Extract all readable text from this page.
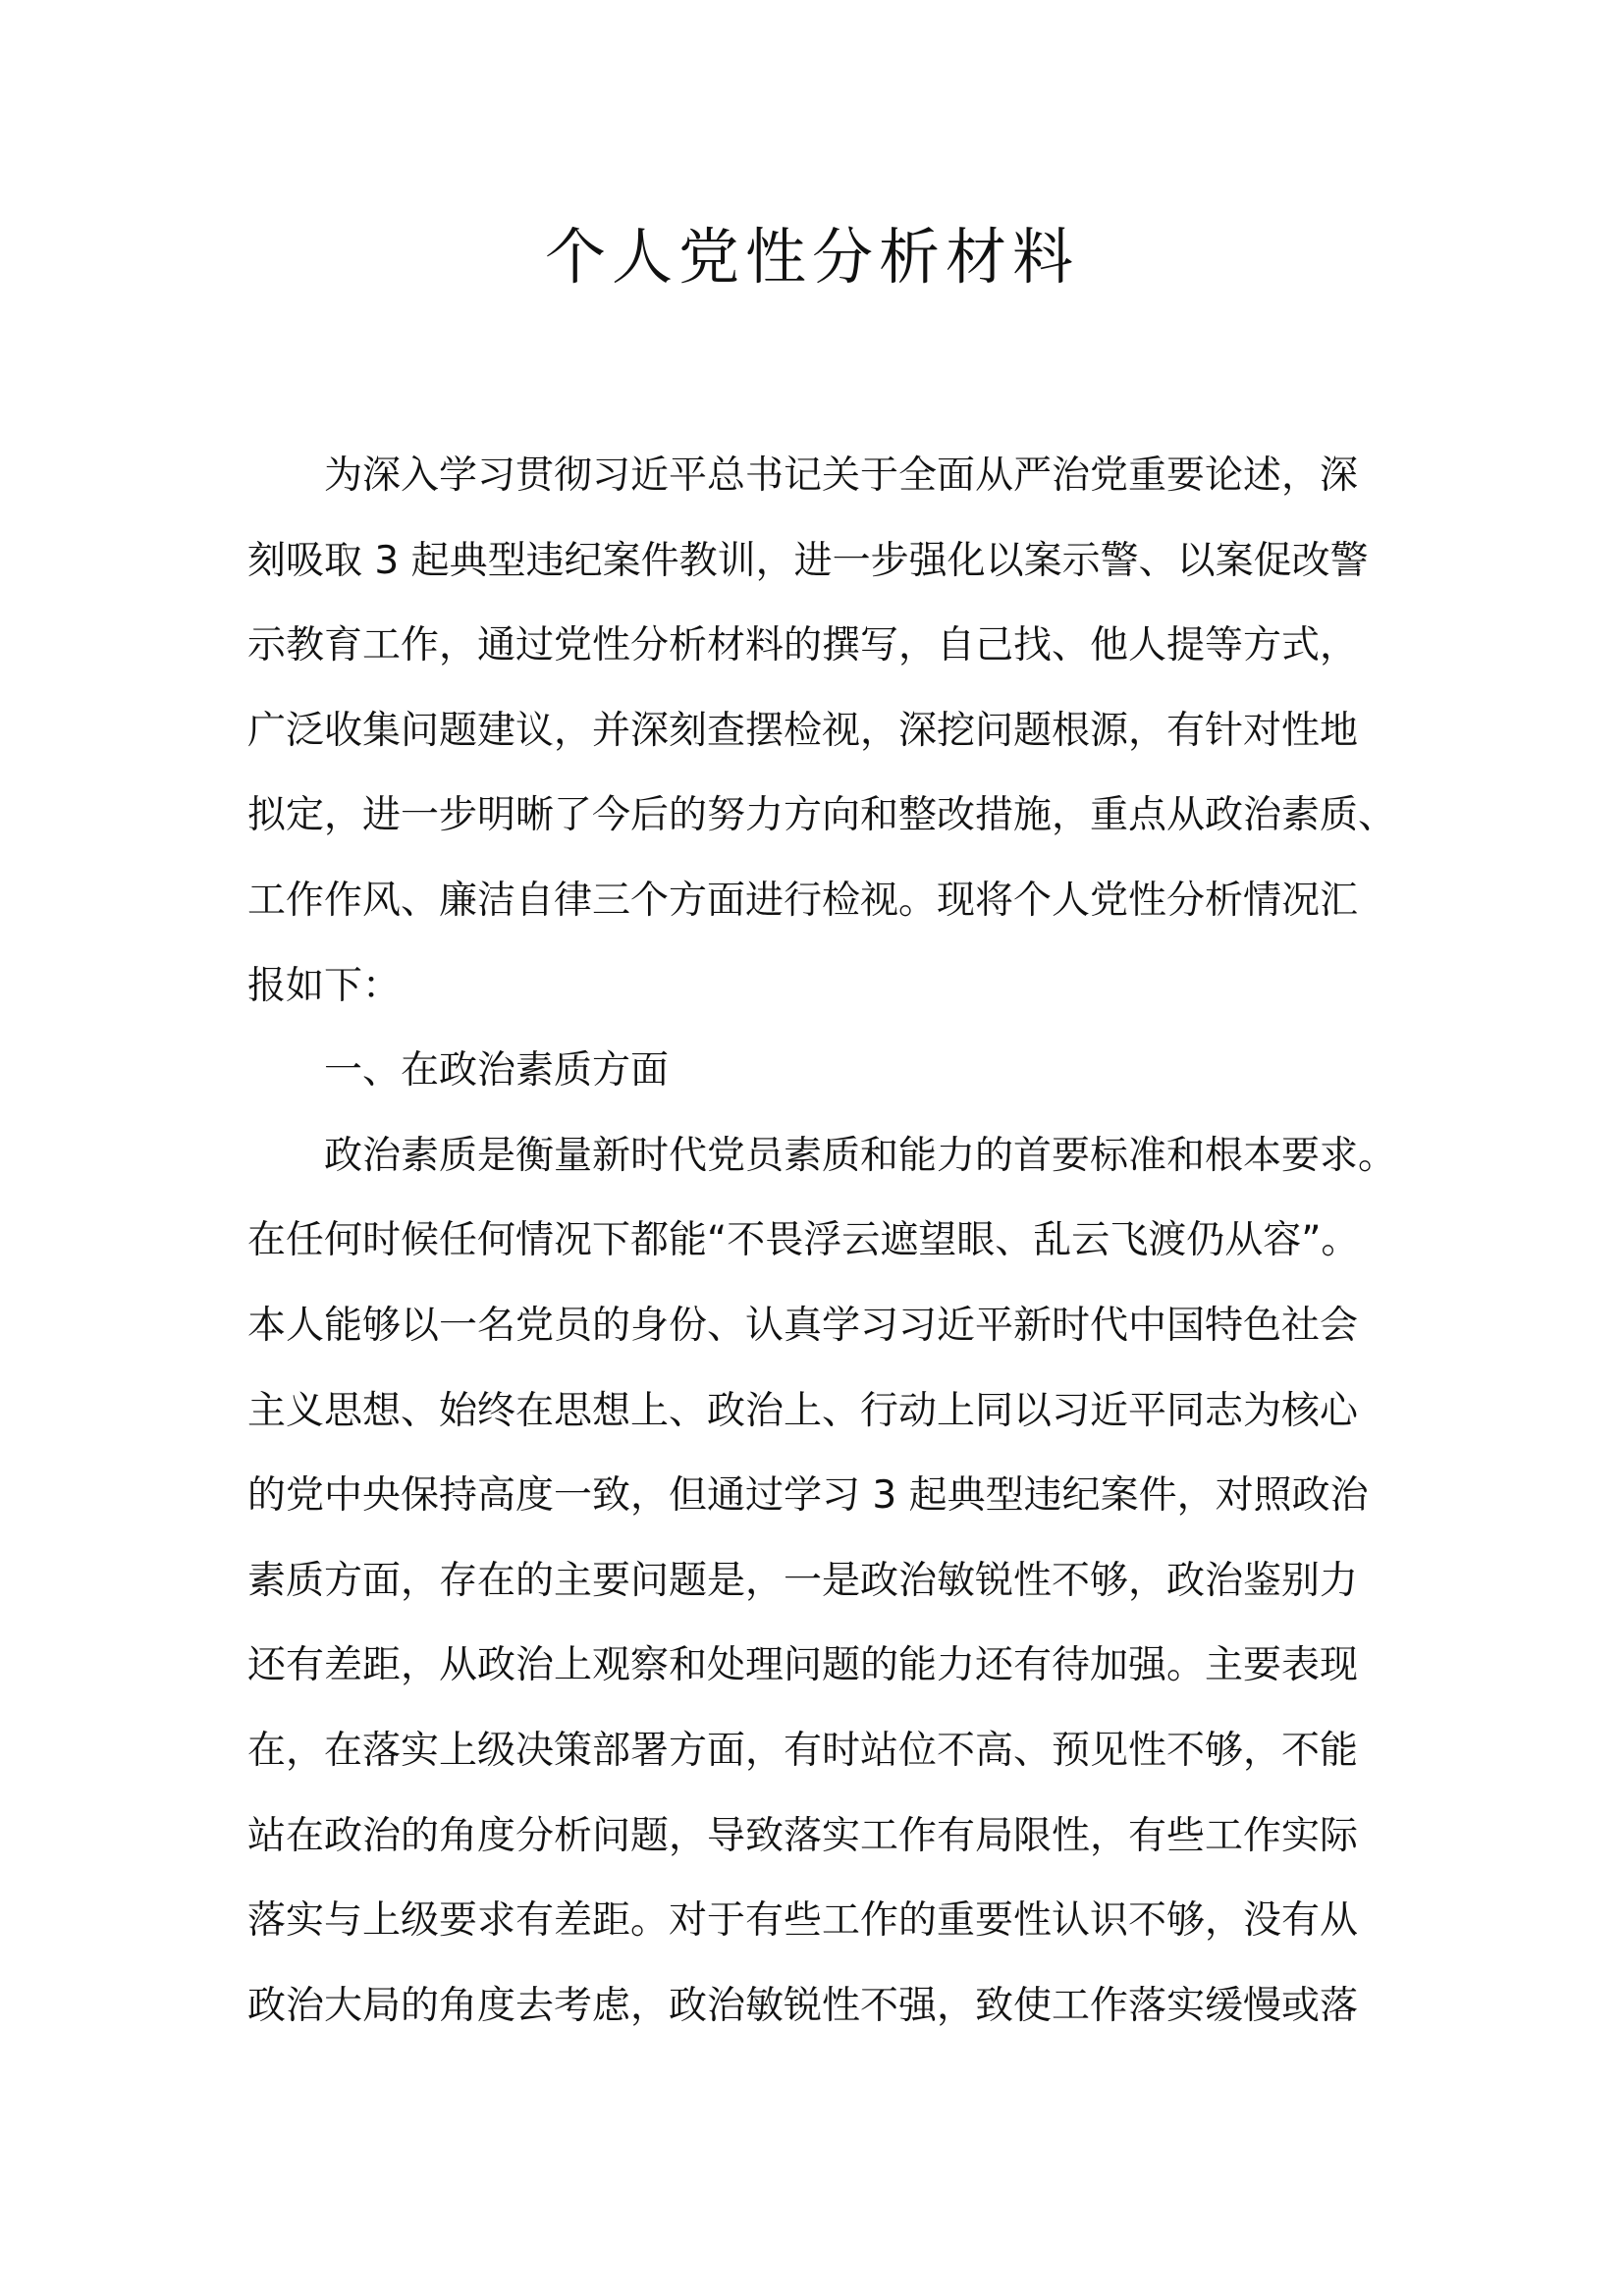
个人党性分析材料
为深入学习贯彻习近平总书记关于全面从严治党重要论述，深
刻吸取 3 起典型违纪案件教训，进一步强化以案示警、以案促改警
示教育工作，通过党性分析材料的撰写，自己找、他人提等方式，
广泛收集问题建议，并深刻查摆检视，深挖问题根源，有针对性地
拟定，进一步明晰了今后的努力方向和整改措施，重点从政治素质、
工作作风、廉洁自律三个方面进行检视。现将个人党性分析情况汇
报如下：
一、在政治素质方面
政治素质是衡量新时代党员素质和能力的首要标准和根本要求。
在任何时候任何情况下都能“不畏浮云遮望眼、乱云飞渡仍从容”。
本人能够以一名党员的身份、认真学习习近平新时代中国特色社会
主义思想、始终在思想上、政治上、行动上同以习近平同志为核心
的党中央保持高度一致，但通过学习 3 起典型违纪案件，对照政治
素质方面，存在的主要问题是，一是政治敏锐性不够，政治鉴别力
还有差距，从政治上观察和处理问题的能力还有待加强。主要表现
在，在落实上级决策部署方面，有时站位不高、预见性不够，不能
站在政治的角度分析问题，导致落实工作有局限性，有些工作实际
落实与上级要求有差距。对于有些工作的重要性认识不够，没有从
政治大局的角度去考虑，政治敏锐性不强，致使工作落实缓慢或落
